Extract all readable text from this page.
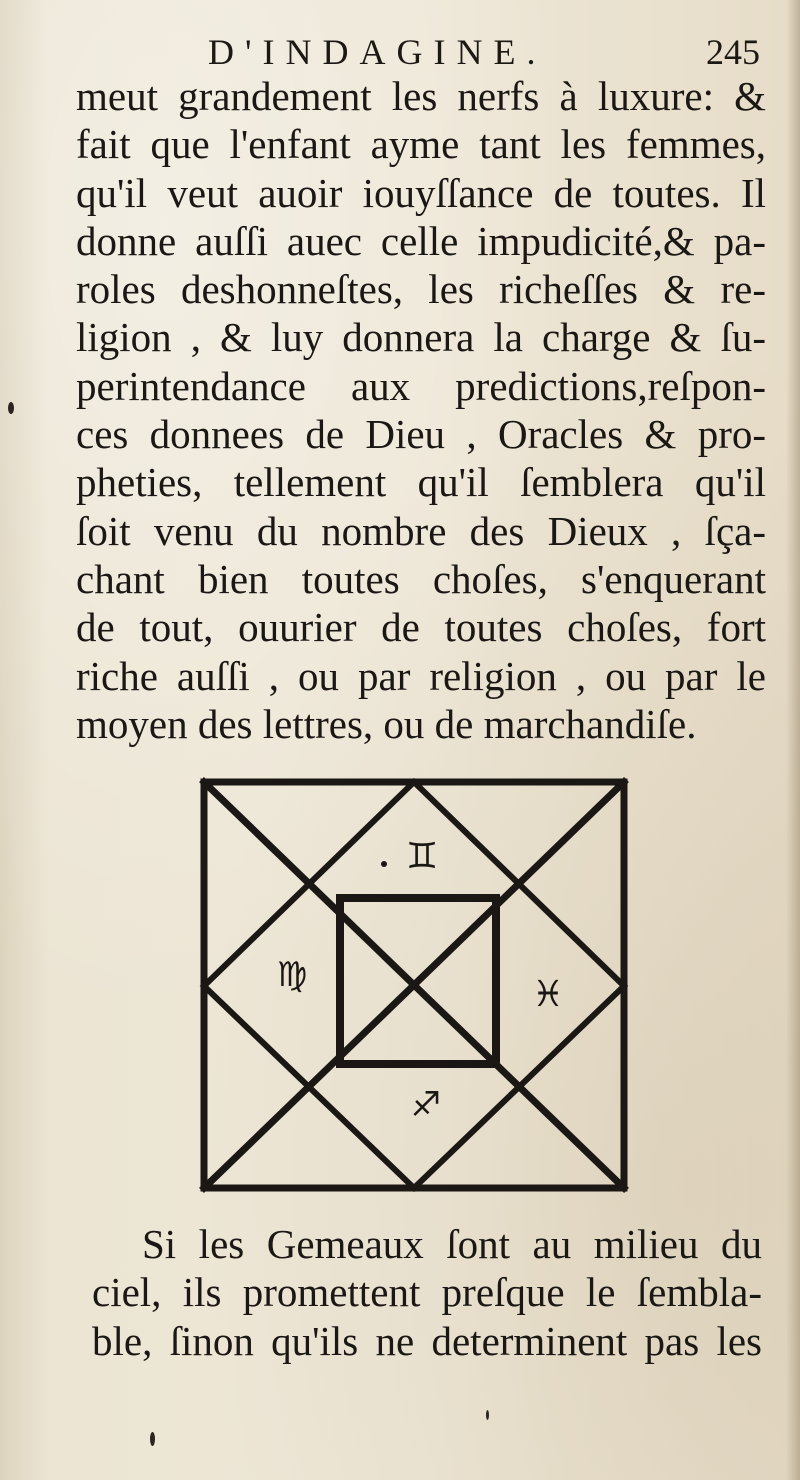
D'INDAGINE.	245
meut grandement les nerfs à luxure: &
fait que l'enfant ayme tant les femmes,
qu'il veut auoir iouyſſance de toutes. Il
donne auſſi auec celle impudicité,& pa-
roles deshonneſtes, les richeſſes & re-
ligion , & luy donnera la charge & ſu-
perintendance aux predictions,reſpon-
ces donnees de Dieu , Oracles & pro-
pheties, tellement qu'il ſemblera qu'il
ſoit venu du nombre des Dieux , ſça-
chant bien toutes choſes, s'enquerant
de tout, ouurier de toutes choſes, fort
riche auſſi , ou par religion , ou par le
moyen des lettres, ou de marchandiſe.
♊
♍	♓
♐
Si les Gemeaux ſont au milieu du
ciel, ils promettent preſque le ſembla-
ble, ſinon qu'ils ne determinent pas les
